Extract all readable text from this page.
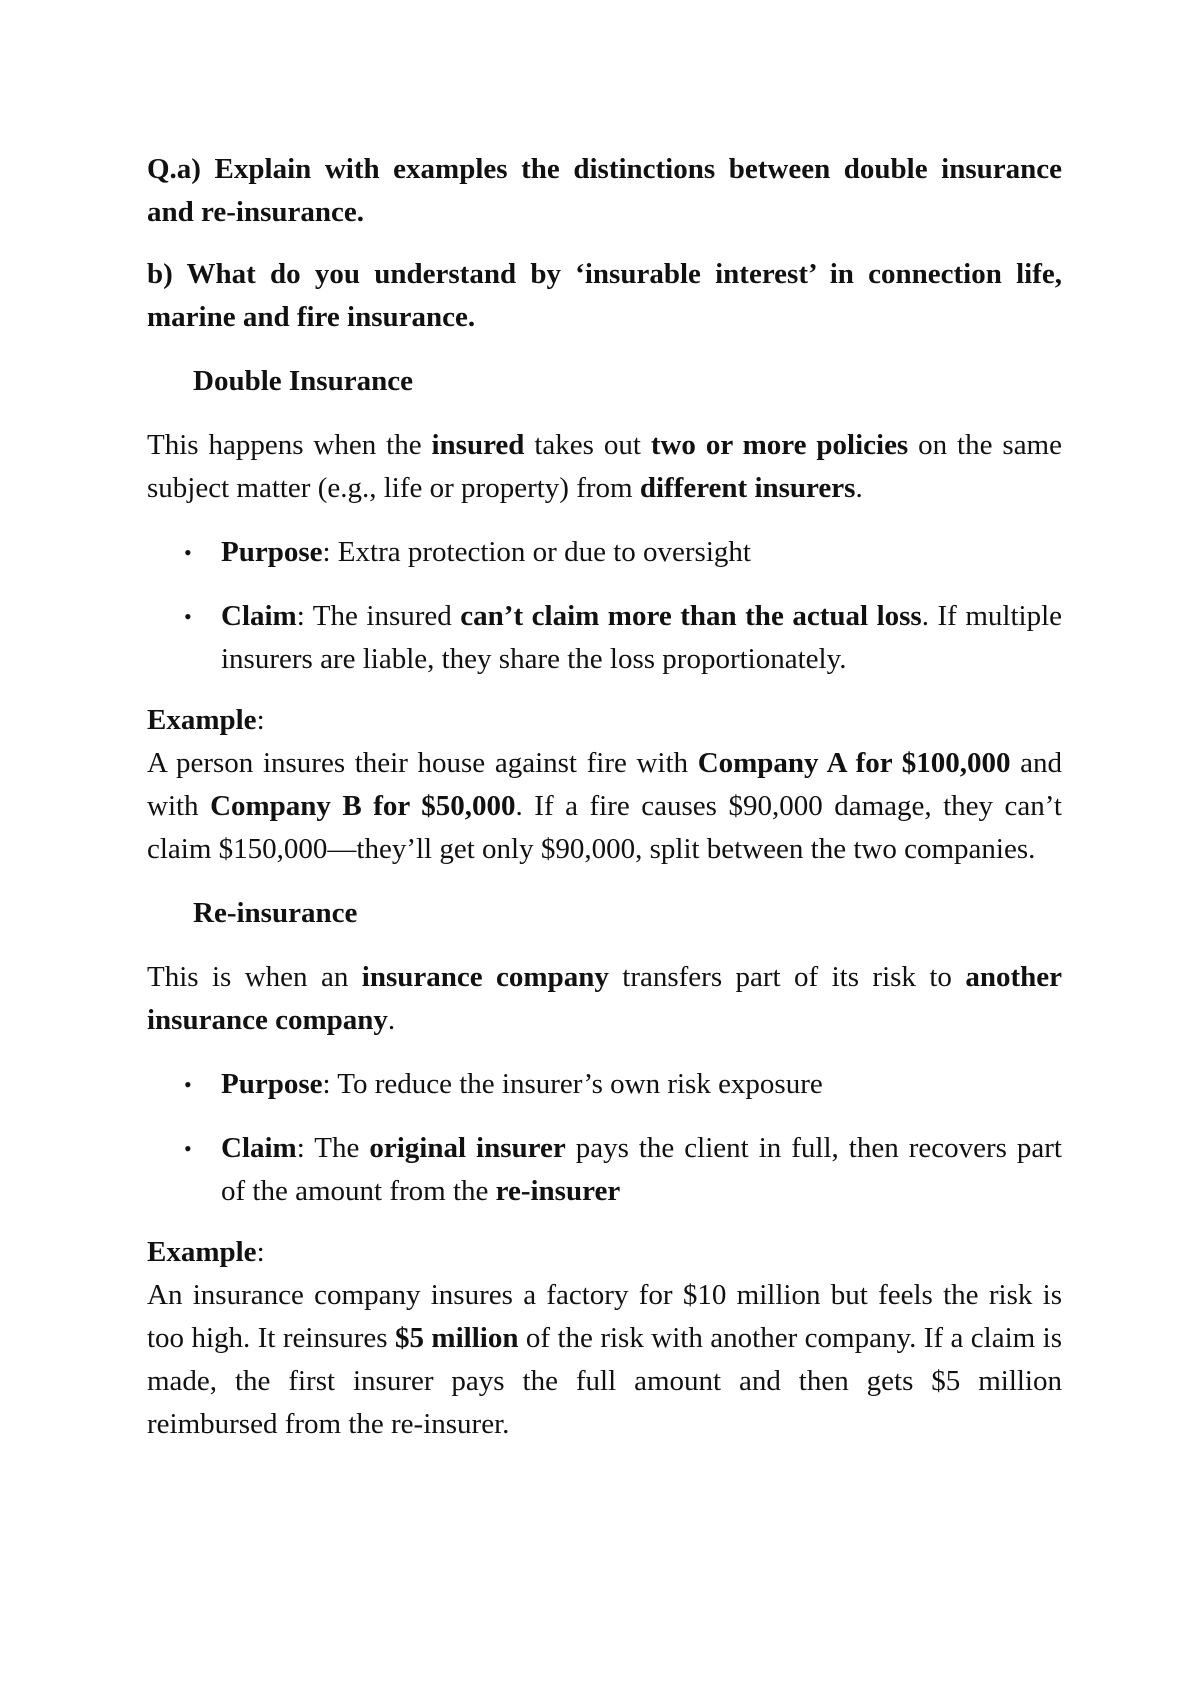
Q.a) Explain with examples the distinctions between double insurance and re-insurance.

b) What do you understand by ‘insurable interest’ in connection life, marine and fire insurance.

Double Insurance

This happens when the insured takes out two or more policies on the same subject matter (e.g., life or property) from different insurers.

• Purpose: Extra protection or due to oversight
• Claim: The insured can’t claim more than the actual loss. If multiple insurers are liable, they share the loss proportionately.

Example:

A person insures their house against fire with Company A for $100,000 and with Company B for $50,000. If a fire causes $90,000 damage, they can’t claim $150,000—they’ll get only $90,000, split between the two companies.

Re-insurance

This is when an insurance company transfers part of its risk to another insurance company.

• Purpose: To reduce the insurer’s own risk exposure
• Claim: The original insurer pays the client in full, then recovers part of the amount from the re-insurer

Example:

An insurance company insures a factory for $10 million but feels the risk is too high. It reinsures $5 million of the risk with another company. If a claim is made, the first insurer pays the full amount and then gets $5 million reimbursed from the re-insurer.
